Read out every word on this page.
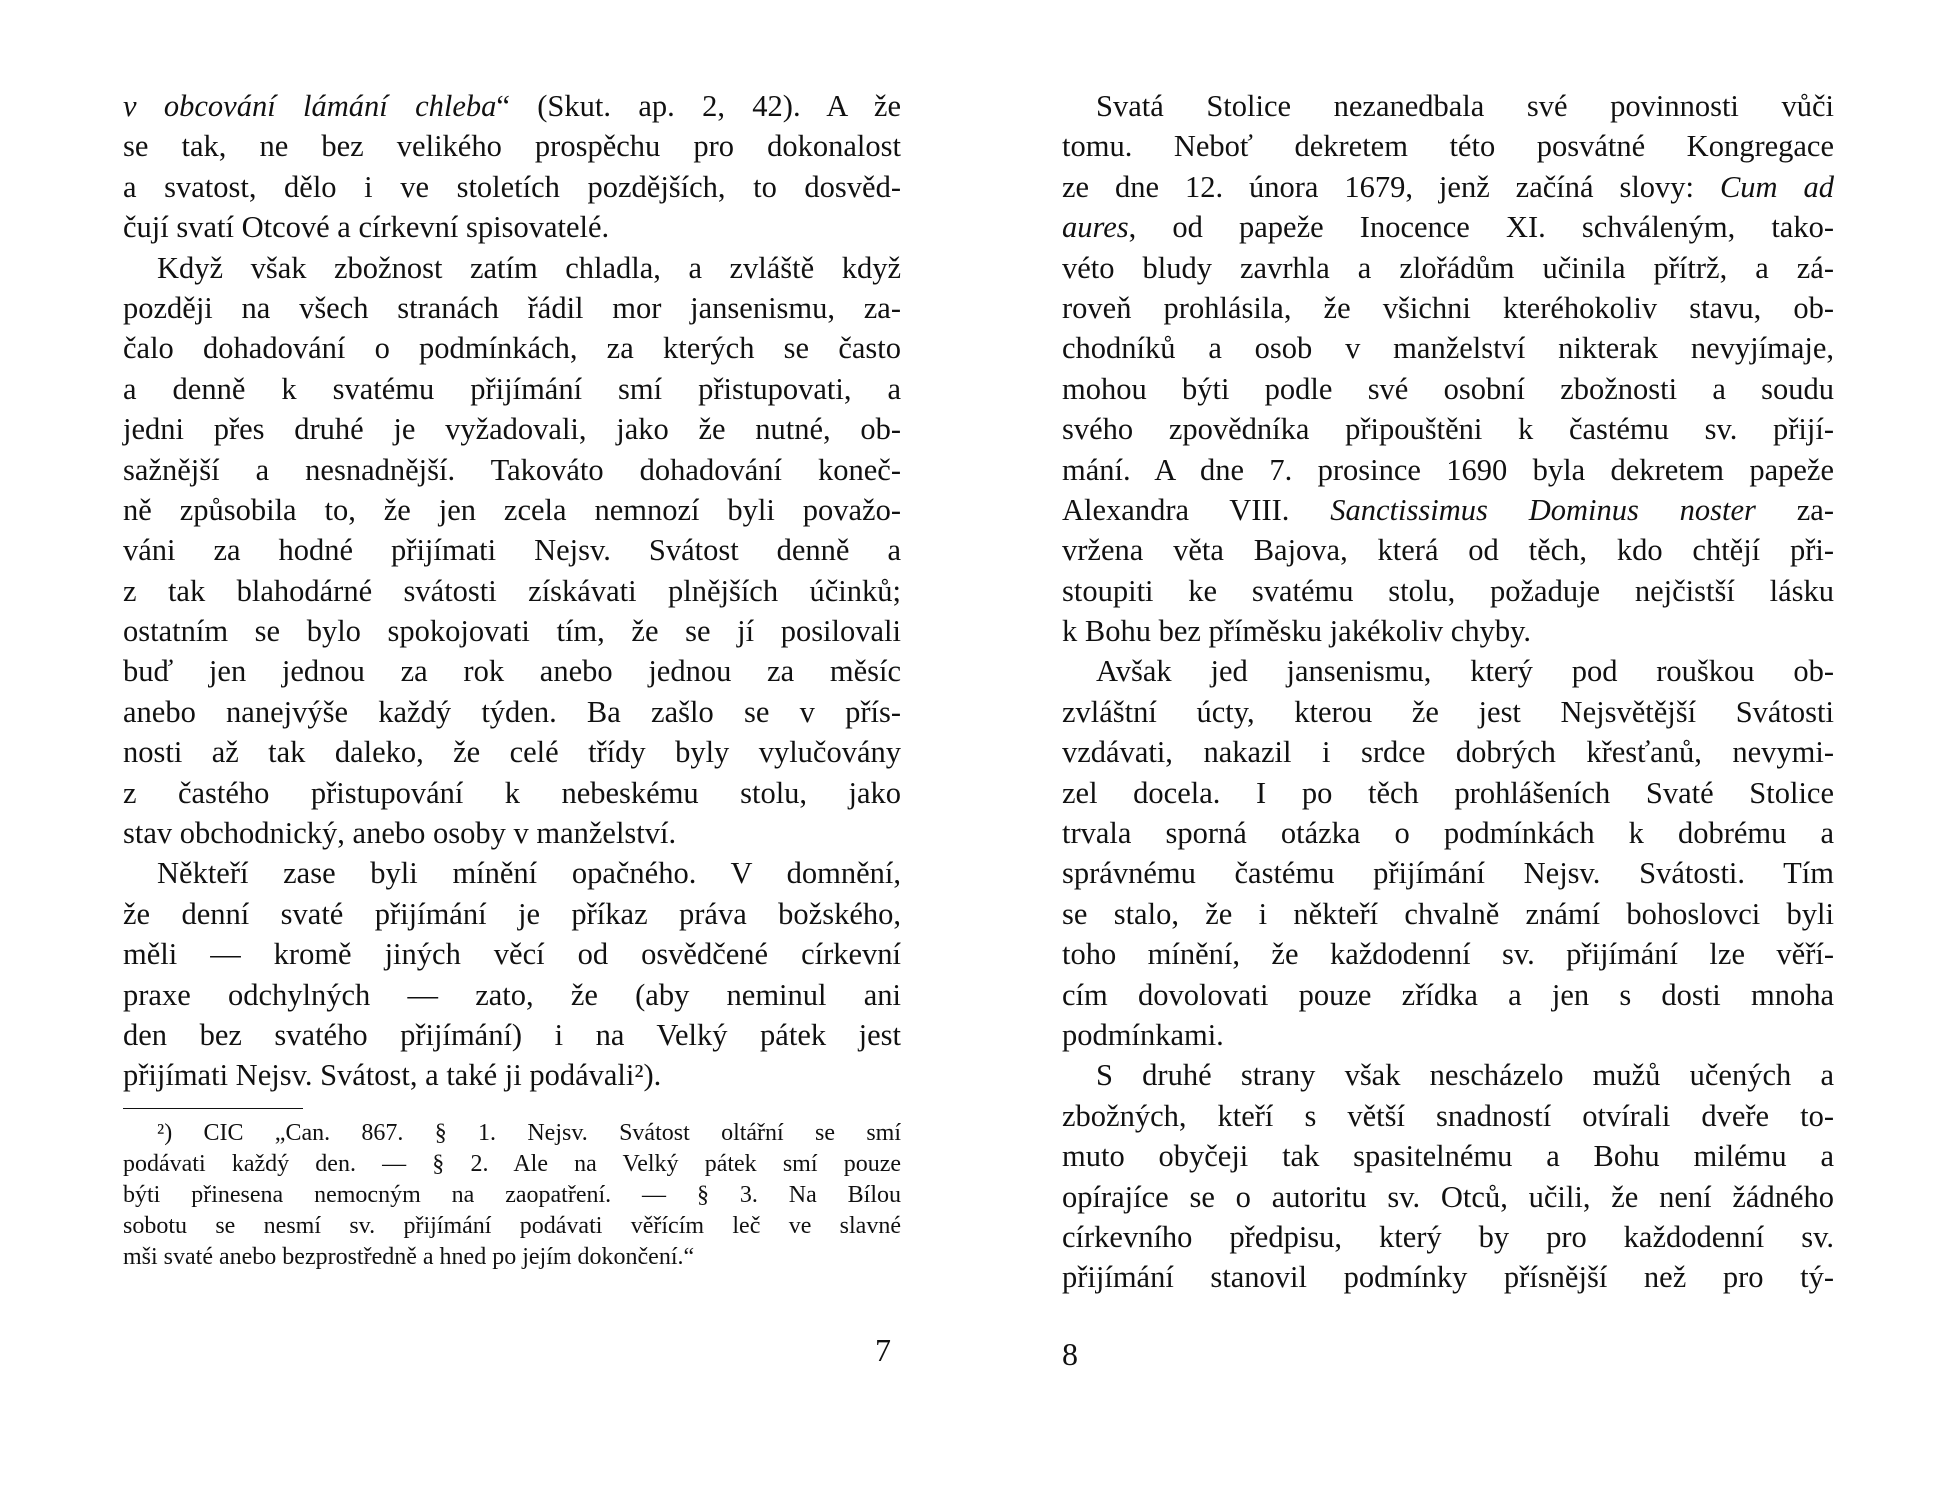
v obcování lámání chleba“ (Skut. ap. 2, 42). A že
se tak, ne bez velikého prospěchu pro dokonalost
a svatost, dělo i ve stoletích pozdějších, to dosvěd-
čují svatí Otcové a církevní spisovatelé.
Když však zbožnost zatím chladla, a zvláště když
později na všech stranách řádil mor jansenismu, za-
čalo dohadování o podmínkách, za kterých se často
a denně k svatému přijímání smí přistupovati, a
jedni přes druhé je vyžadovali, jako že nutné, ob-
sažnější a nesnadnější. Takováto dohadování koneč-
ně způsobila to, že jen zcela nemnozí byli považo-
váni za hodné přijímati Nejsv. Svátost denně a
z tak blahodárné svátosti získávati plnějších účinků;
ostatním se bylo spokojovati tím, že se jí posilovali
buď jen jednou za rok anebo jednou za měsíc
anebo nanejvýše každý týden. Ba zašlo se v přís-
nosti až tak daleko, že celé třídy byly vylučovány
z častého přistupování k nebeskému stolu, jako
stav obchodnický, anebo osoby v manželství.
Někteří zase byli mínění opačného. V domnění,
že denní svaté přijímání je příkaz práva božského,
měli — kromě jiných věcí od osvědčené církevní
praxe odchylných — zato, že (aby neminul ani
den bez svatého přijímání) i na Velký pátek jest
přijímati Nejsv. Svátost, a také ji podávali²).
²) CIC „Can. 867. § 1. Nejsv. Svátost oltářní se smí
podávati každý den. — § 2. Ale na Velký pátek smí pouze
býti přinesena nemocným na zaopatření. — § 3. Na Bílou
sobotu se nesmí sv. přijímání podávati věřícím leč ve slavné
mši svaté anebo bezprostředně a hned po jejím dokončení.“
7
Svatá Stolice nezanedbala své povinnosti vůči
tomu. Neboť dekretem této posvátné Kongregace
ze dne 12. února 1679, jenž začíná slovy: Cum ad
aures, od papeže Inocence XI. schváleným, tako-
véto bludy zavrhla a zlořádům učinila přítrž, a zá-
roveň prohlásila, že všichni kteréhokoliv stavu, ob-
chodníků a osob v manželství nikterak nevyjímaje,
mohou býti podle své osobní zbožnosti a soudu
svého zpovědníka připouštěni k častému sv. přijí-
mání. A dne 7. prosince 1690 byla dekretem papeže
Alexandra VIII. Sanctissimus Dominus noster za-
vržena věta Bajova, která od těch, kdo chtějí při-
stoupiti ke svatému stolu, požaduje nejčistší lásku
k Bohu bez příměsku jakékoliv chyby.
Avšak jed jansenismu, který pod rouškou ob-
zvláštní úcty, kterou že jest Nejsvětější Svátosti
vzdávati, nakazil i srdce dobrých křesťanů, nevymi-
zel docela. I po těch prohlášeních Svaté Stolice
trvala sporná otázka o podmínkách k dobrému a
správnému častému přijímání Nejsv. Svátosti. Tím
se stalo, že i někteří chvalně známí bohoslovci byli
toho mínění, že každodenní sv. přijímání lze věří-
cím dovolovati pouze zřídka a jen s dosti mnoha
podmínkami.
S druhé strany však nescházelo mužů učených a
zbožných, kteří s větší snadností otvírali dveře to-
muto obyčeji tak spasitelnému a Bohu milému a
opírajíce se o autoritu sv. Otců, učili, že není žádného
církevního předpisu, který by pro každodenní sv.
přijímání stanovil podmínky přísnější než pro tý-
8
